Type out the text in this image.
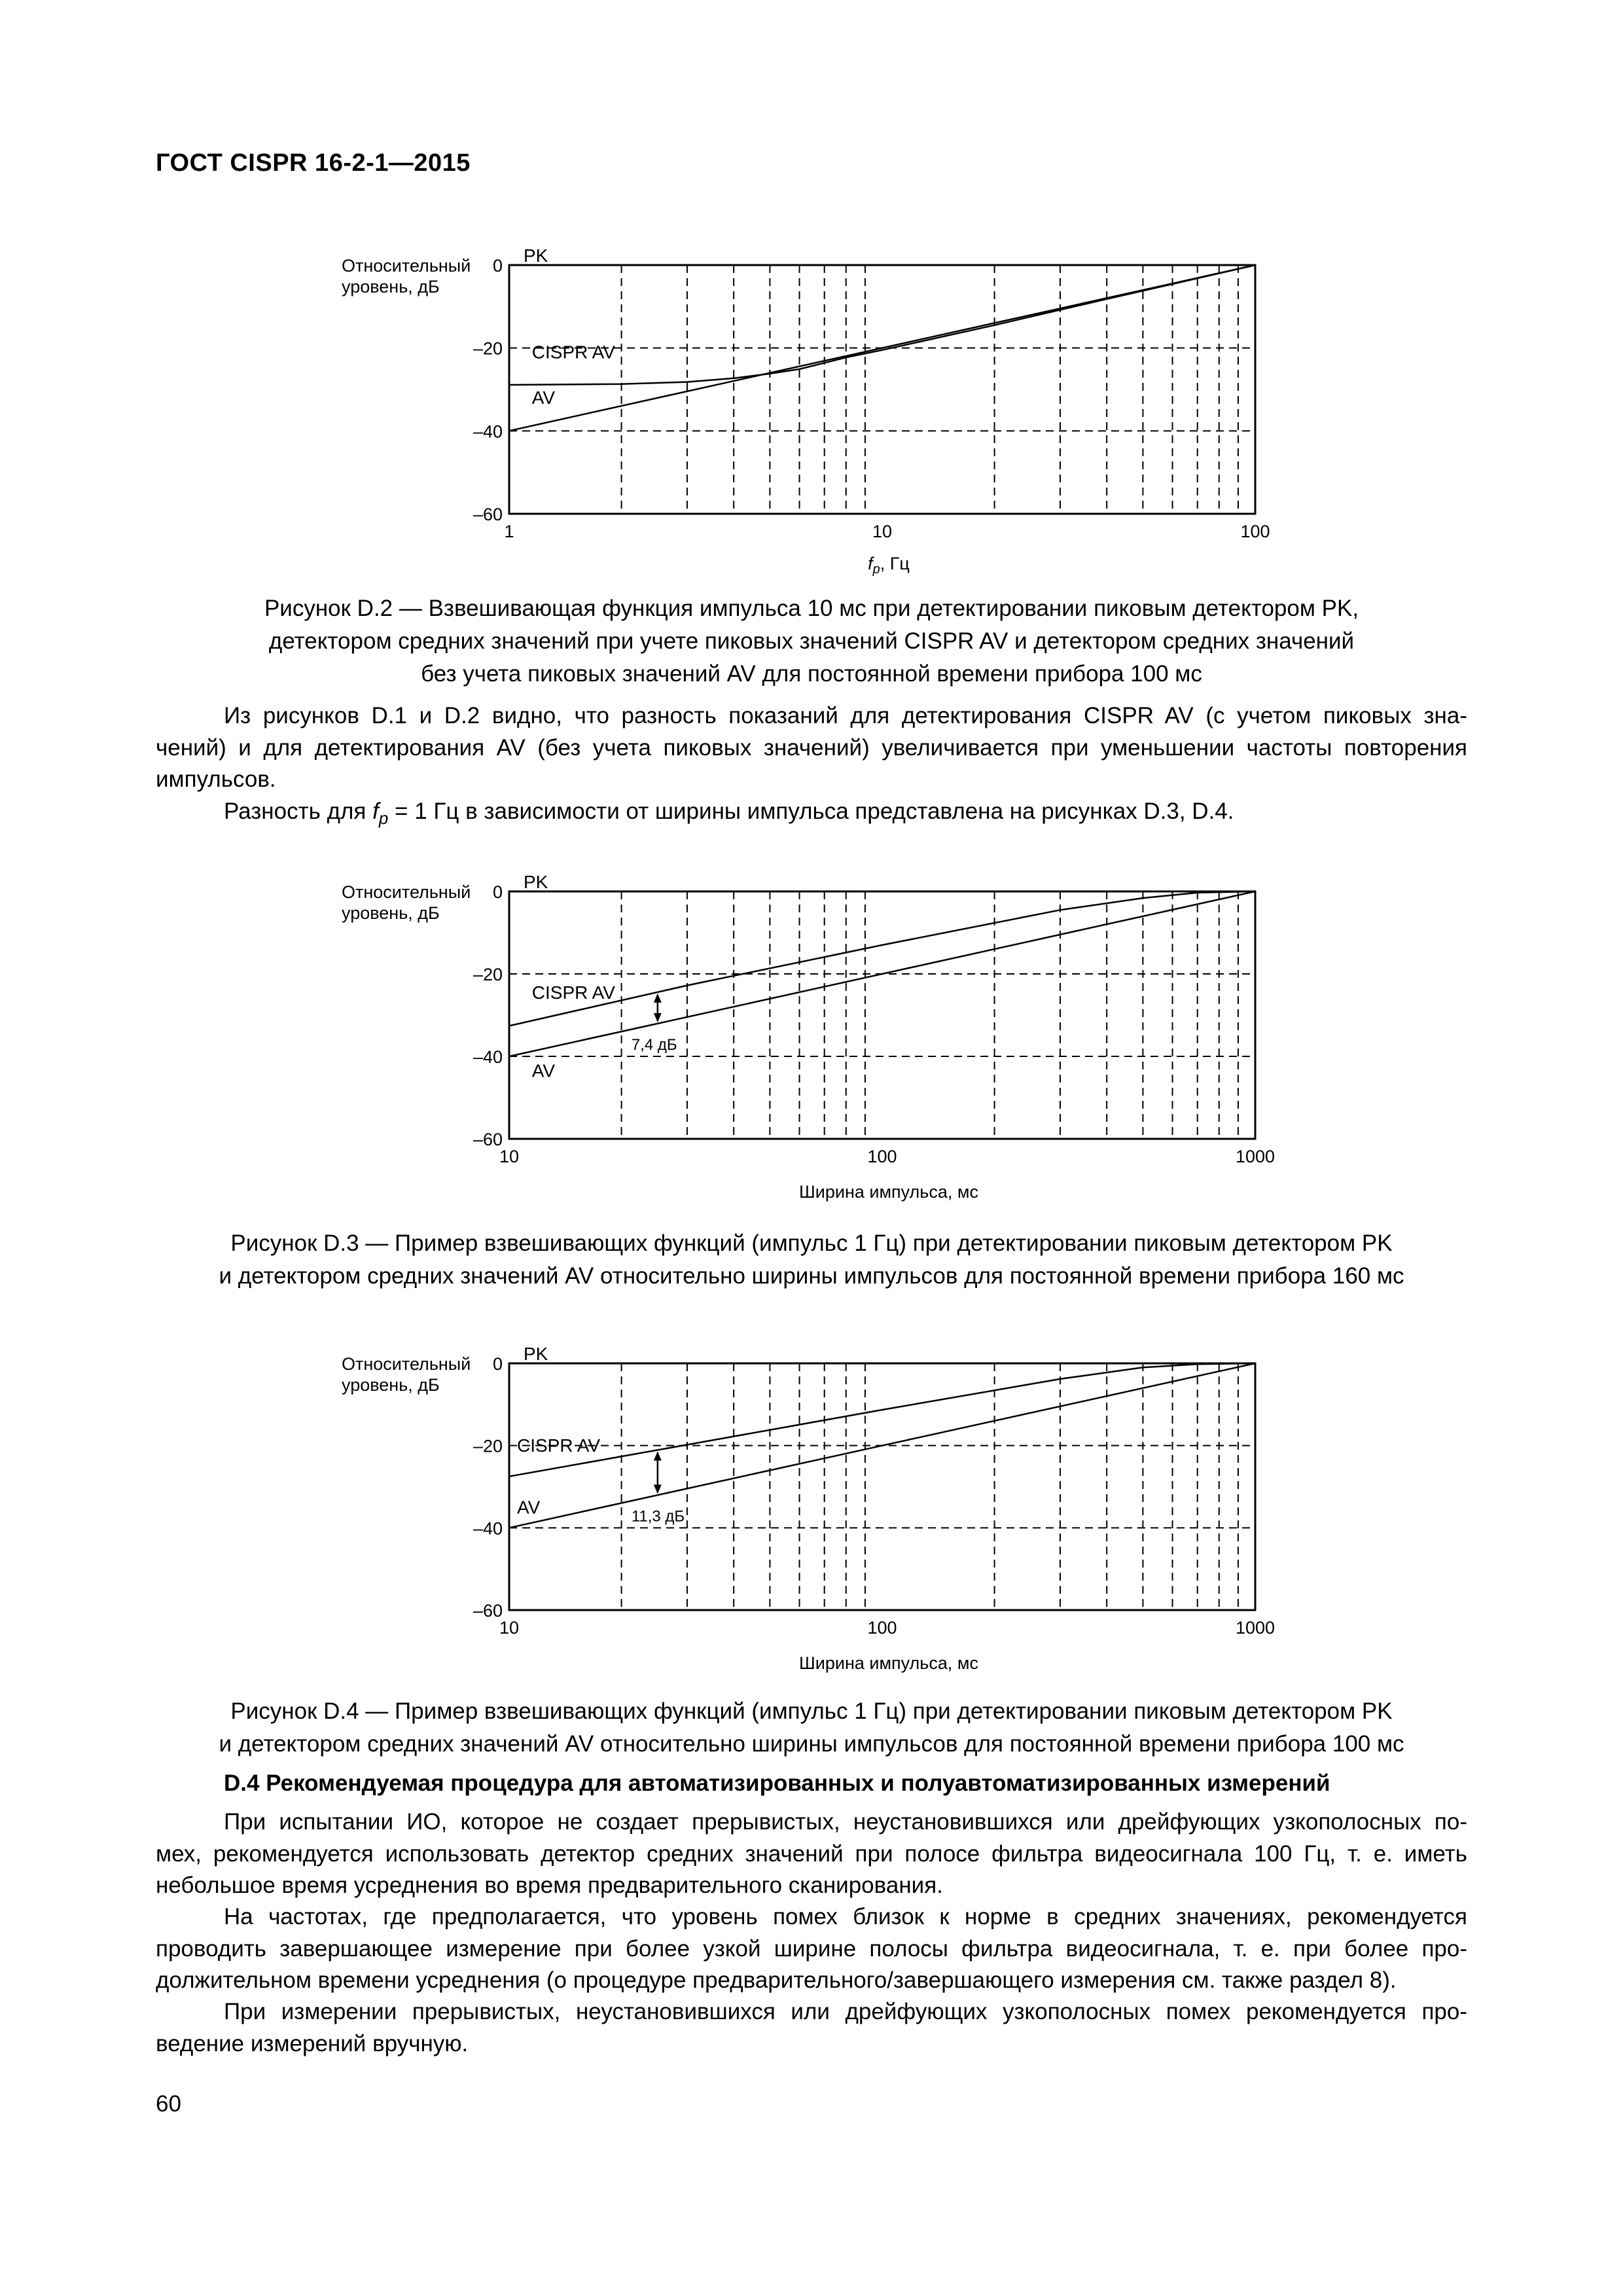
ГОСТ CISPR 16-2-1—2015
Относительный
уровень, дБ
0
–20
–40
–60
1	10	100
$f_p$, Гц
PK
CISPR AV
AV
Рисунок D.2 — Взвешивающая функция импульса 10 мс при детектировании пиковым детектором PK,
детектором средних значений при учете пиковых значений CISPR AV и детектором средних значений
без учета пиковых значений AV для постоянной времени прибора 100 мс
Из рисунков D.1 и D.2 видно, что разность показаний для детектирования CISPR AV (с учетом пиковых зна-
чений) и для детектирования AV (без учета пиковых значений) увеличивается при уменьшении частоты повторения
импульсов.
Разность для $f_p = 1$ Гц в зависимости от ширины импульса представлена на рисунках D.3, D.4.
Относительный
уровень, дБ
0
–20
–40
–60
10	100	1000
Ширина импульса, мс
PK
CISPR AV
AV
7,4 дБ
Рисунок D.3 — Пример взвешивающих функций (импульс 1 Гц) при детектировании пиковым детектором PK
и детектором средних значений AV относительно ширины импульсов для постоянной времени прибора 160 мс
Относительный
уровень, дБ
0
–20
–40
–60
10	100	1000
Ширина импульса, мс
PK
CISPR AV
AV	11,3 дБ
Рисунок D.4 — Пример взвешивающих функций (импульс 1 Гц) при детектировании пиковым детектором PK
и детектором средних значений AV относительно ширины импульсов для постоянной времени прибора 100 мс
D.4 Рекомендуемая процедура для автоматизированных и полуавтоматизированных измерений
При испытании ИО, которое не создает прерывистых, неустановившихся или дрейфующих узкополосных по-
мех, рекомендуется использовать детектор средних значений при полосе фильтра видеосигнала 100 Гц, т. е. иметь
небольшое время усреднения во время предварительного сканирования.
На частотах, где предполагается, что уровень помех близок к норме в средних значениях, рекомендуется
проводить завершающее измерение при более узкой ширине полосы фильтра видеосигнала, т. е. при более про-
должительном времени усреднения (о процедуре предварительного/завершающего измерения см. также раздел 8).
При измерении прерывистых, неустановившихся или дрейфующих узкополосных помех рекомендуется про-
ведение измерений вручную.
60
